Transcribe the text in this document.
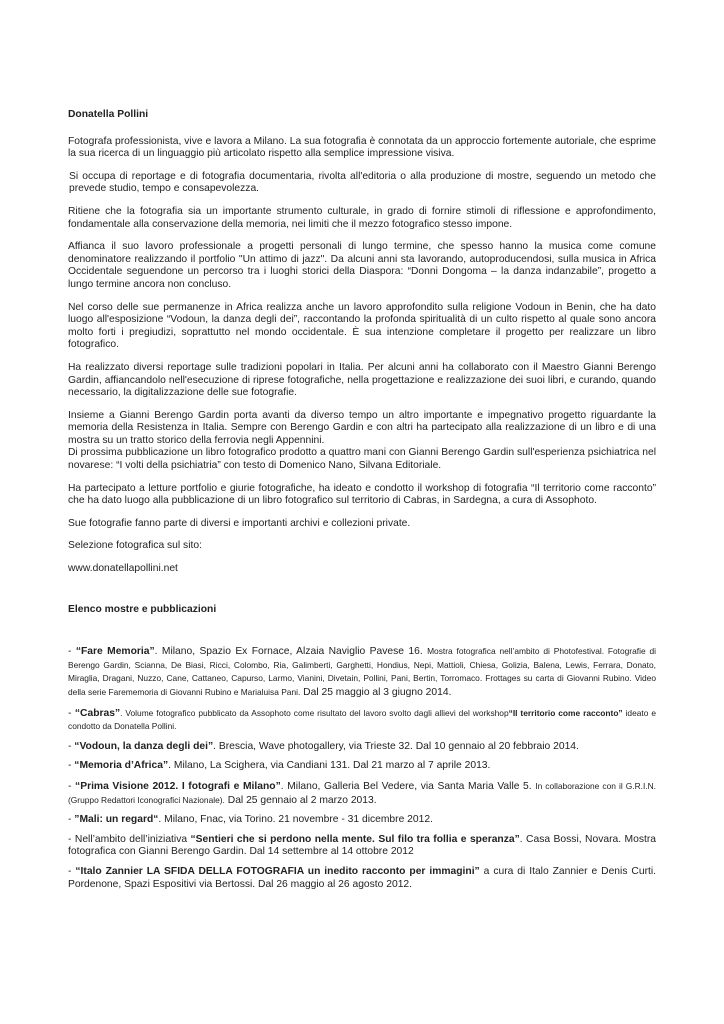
Donatella Pollini

Fotografa professionista, vive e lavora a Milano. La sua fotografia è connotata da un approccio fortemente autoriale, che esprime la sua ricerca di un linguaggio più articolato rispetto alla semplice impressione visiva.

Si occupa di reportage e di fotografia documentaria, rivolta all'editoria o alla produzione di mostre, seguendo un metodo che prevede studio, tempo e consapevolezza.

Ritiene che la fotografia sia un importante strumento culturale, in grado di fornire stimoli di riflessione e approfondimento, fondamentale alla conservazione della memoria, nei limiti che il mezzo fotografico stesso impone.

Affianca il suo lavoro professionale a progetti personali di lungo termine, che spesso hanno la musica come comune denominatore realizzando il portfolio "Un attimo di jazz". Da alcuni anni sta lavorando, autoproducendosi, sulla musica in Africa Occidentale seguendone un percorso tra i luoghi storici della Diaspora: “Donni Dongoma – la danza indanzabile”, progetto a lungo termine ancora non concluso.

Nel corso delle sue permanenze in Africa realizza anche un lavoro approfondito sulla religione Vodoun in Benin, che ha dato luogo all'esposizione “Vodoun, la danza degli dei”, raccontando la profonda spiritualità di un culto rispetto al quale sono ancora molto forti i pregiudizi, soprattutto nel mondo occidentale. È sua intenzione completare il progetto per realizzare un libro fotografico.

Ha realizzato diversi reportage sulle tradizioni popolari in Italia. Per alcuni anni ha collaborato con il Maestro Gianni Berengo Gardin, affiancandolo nell'esecuzione di riprese fotografiche, nella progettazione e realizzazione dei suoi libri, e curando, quando necessario, la digitalizzazione delle sue fotografie.

Insieme a Gianni Berengo Gardin porta avanti da diverso tempo un altro importante e impegnativo progetto riguardante la memoria della Resistenza in Italia. Sempre con Berengo Gardin e con altri ha partecipato alla realizzazione di un libro e di una mostra su un tratto storico della ferrovia negli Appennini.

Di prossima pubblicazione un libro fotografico prodotto a quattro mani con Gianni Berengo Gardin sull'esperienza psichiatrica nel novarese: “I volti della psichiatria” con testo di Domenico Nano, Silvana Editoriale.

Ha partecipato a letture portfolio e giurie fotografiche, ha ideato e condotto il workshop di fotografia “Il territorio come racconto” che ha dato luogo alla pubblicazione di un libro fotografico sul territorio di Cabras, in Sardegna, a cura di Assophoto.

Sue fotografie fanno parte di diversi e importanti archivi e collezioni private.

Selezione fotografica sul sito:

www.donatellapollini.net

Elenco mostre e pubblicazioni
- “Fare Memoria”. Milano, Spazio Ex Fornace, Alzaia Naviglio Pavese 16. Mostra fotografica nell’ambito di Photofestival. Fotografie di Berengo Gardin, Scianna, De Biasi, Ricci, Colombo, Ria, Galimberti, Garghetti, Hondius, Nepi, Mattioli, Chiesa, Golizia, Balena, Lewis, Ferrara, Donato, Miraglia, Dragani, Nuzzo, Cane, Cattaneo, Capurso, Larmo, Vianini, Divetain, Pollini, Pani, Bertin, Torromaco. Frottages su carta di Giovanni Rubino. Video della serie Farememoria di Giovanni Rubino e Marialuisa Pani. Dal 25 maggio al 3 giugno 2014.
- “Cabras”. Volume fotografico pubblicato da Assophoto come risultato del lavoro svolto dagli allievi del workshop“Il territorio come racconto” ideato e condotto da Donatella Pollini.
- “Vodoun, la danza degli dei”. Brescia, Wave photogallery, via Trieste 32. Dal 10 gennaio al 20 febbraio 2014.
- “Memoria d’Africa”. Milano, La Scighera, via Candiani 131. Dal 21 marzo al 7 aprile 2013.
- “Prima Visione 2012. I fotografi e Milano”. Milano, Galleria Bel Vedere, via Santa Maria Valle 5. In collaborazione con il G.R.I.N. (Gruppo Redattori Iconografici Nazionale). Dal 25 gennaio al 2 marzo 2013.
- ”Mali: un regard“. Milano, Fnac, via Torino. 21 novembre - 31 dicembre 2012.
- Nell’ambito dell’iniziativa “Sentieri che si perdono nella mente. Sul filo tra follia e speranza”. Casa Bossi, Novara. Mostra fotografica con Gianni Berengo Gardin. Dal 14 settembre al 14 ottobre 2012
- “Italo Zannier LA SFIDA DELLA FOTOGRAFIA un inedito racconto per immagini” a cura di Italo Zannier e Denis Curti. Pordenone, Spazi Espositivi via Bertossi. Dal 26 maggio al 26 agosto 2012.
